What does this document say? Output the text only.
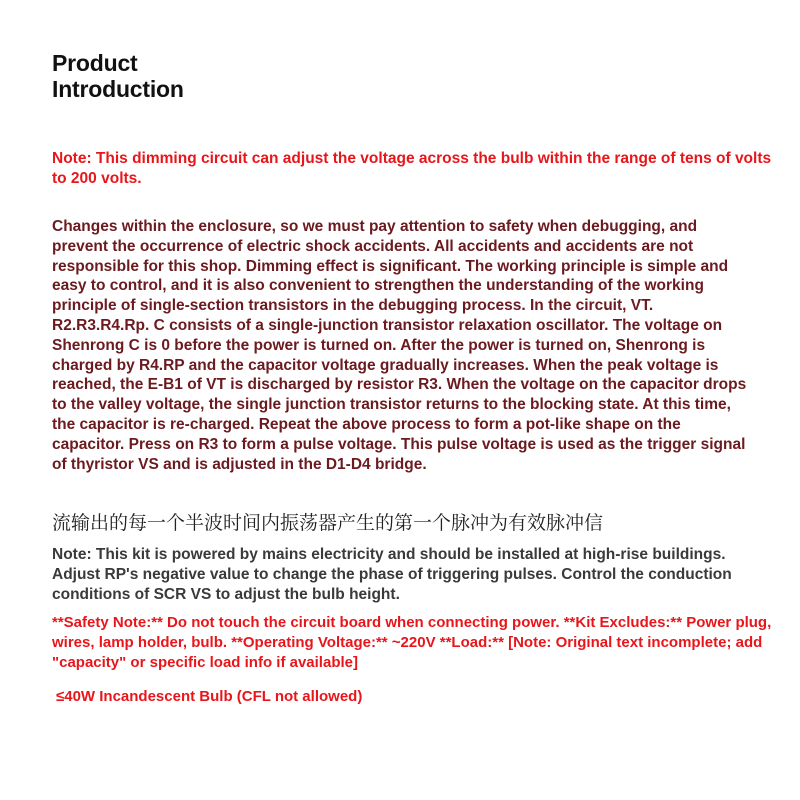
Product
Introduction
Note: This dimming circuit can adjust the voltage across the bulb within the range of tens of volts to 200 volts.
Changes within the enclosure, so we must pay attention to safety when debugging, and prevent the occurrence of electric shock accidents. All accidents and accidents are not responsible for this shop. Dimming effect is significant. The working principle is simple and easy to control, and it is also convenient to strengthen the understanding of the working principle of single-section transistors in the debugging process. In the circuit, VT. R2.R3.R4.Rp. C consists of a single-junction transistor relaxation oscillator. The voltage on Shenrong C is 0 before the power is turned on. After the power is turned on, Shenrong is charged by R4.RP and the capacitor voltage gradually increases. When the peak voltage is reached, the E-B1 of VT is discharged by resistor R3. When the voltage on the capacitor drops to the valley voltage, the single junction transistor returns to the blocking state. At this time, the capacitor is re-charged. Repeat the above process to form a pot-like shape on the capacitor. Press on R3 to form a pulse voltage. This pulse voltage is used as the trigger signal of thyristor VS and is adjusted in the D1-D4 bridge.
流输出的每一个半波时间内振荡器产生的第一个脉冲为有效脉冲信
Note: This kit is powered by mains electricity and should be installed at high-rise buildings. Adjust RP's negative value to change the phase of triggering pulses. Control the conduction conditions of SCR VS to adjust the bulb height.
**Safety Note:** Do not touch the circuit board when connecting power. **Kit Excludes:** Power plug, wires, lamp holder, bulb. **Operating Voltage:** ~220V **Load:** [Note: Original text incomplete; add "capacity" or specific load info if available]
≤40W Incandescent Bulb (CFL not allowed)
